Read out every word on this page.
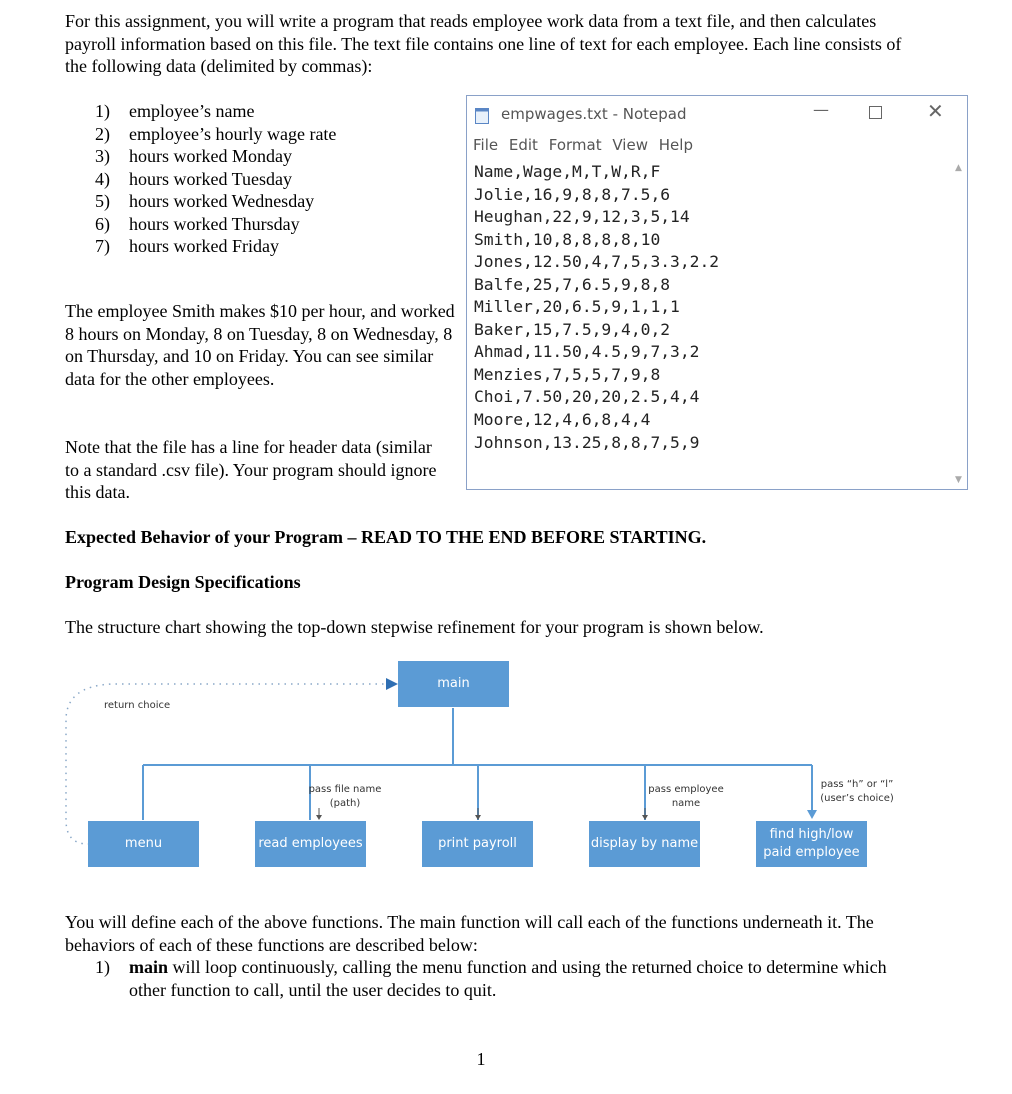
For this assignment, you will write a program that reads employee work data from a text file, and then calculates payroll information based on this file. The text file contains one line of text for each employee. Each line consists of the following data (delimited by commas):

1) employee’s name
2) employee’s hourly wage rate
3) hours worked Monday
4) hours worked Tuesday
5) hours worked Wednesday
6) hours worked Thursday
7) hours worked Friday

The employee Smith makes $10 per hour, and worked 8 hours on Monday, 8 on Tuesday, 8 on Wednesday, 8 on Thursday, and 10 on Friday. You can see similar data for the other employees.

Note that the file has a line for header data (similar to a standard .csv file). Your program should ignore this data.

empwages.txt - Notepad	—	✕
File Edit Format View Help
Name,Wage,M,T,W,R,F
Jolie,16,9,8,8,7.5,6
Heughan,22,9,12,3,5,14
Smith,10,8,8,8,8,10
Jones,12.50,4,7,5,3.3,2.2
Balfe,25,7,6.5,9,8,8
Miller,20,6.5,9,1,1,1
Baker,15,7.5,9,4,0,2
Ahmad,11.50,4.5,9,7,3,2
Menzies,7,5,5,7,9,8
Choi,7.50,20,20,2.5,4,4
Moore,12,4,6,8,4,4
Johnson,13.25,8,8,7,5,9
▲
▼

Expected Behavior of your Program – READ TO THE END BEFORE STARTING.

Program Design Specifications

The structure chart showing the top-down stepwise refinement for your program is shown below.

main
menu	read employees	print payroll	display by name
find high/low paid employee
return choice
pass file name (path)
pass employee name
pass “h” or “l” (user’s choice)

You will define each of the above functions. The main function will call each of the functions underneath it. The behaviors of each of these functions are described below:

1)	main will loop continuously, calling the menu function and using the returned choice to determine which other function to call, until the user decides to quit.
1
